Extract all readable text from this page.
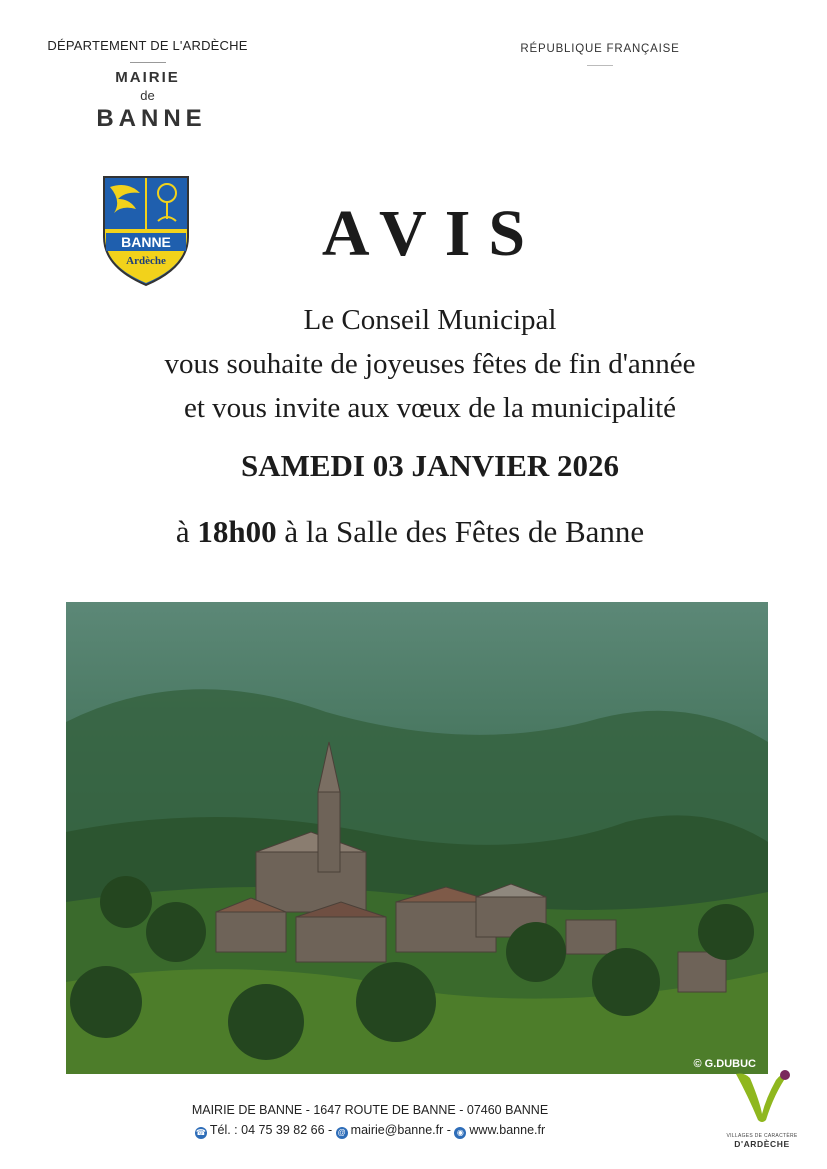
DÉPARTEMENT DE L'ARDÈCHE
MAIRIE
de
BANNE
RÉPUBLIQUE FRANÇAISE
BANNE
Ardèche	AVIS
Le Conseil Municipal
vous souhaite de joyeuses fêtes de fin d'année
et vous invite aux vœux de la municipalité
SAMEDI 03 JANVIER 2026
à 18h00 à la Salle des Fêtes de Banne
© G.DUBUC
MAIRIE DE BANNE - 1647 ROUTE DE BANNE - 07460 BANNE
☎ Tél. : 04 75 39 82 66 - @ mairie@banne.fr - ◉ www.banne.fr	VILLAGES DE CARACTÈRE
D'ARDÈCHE
